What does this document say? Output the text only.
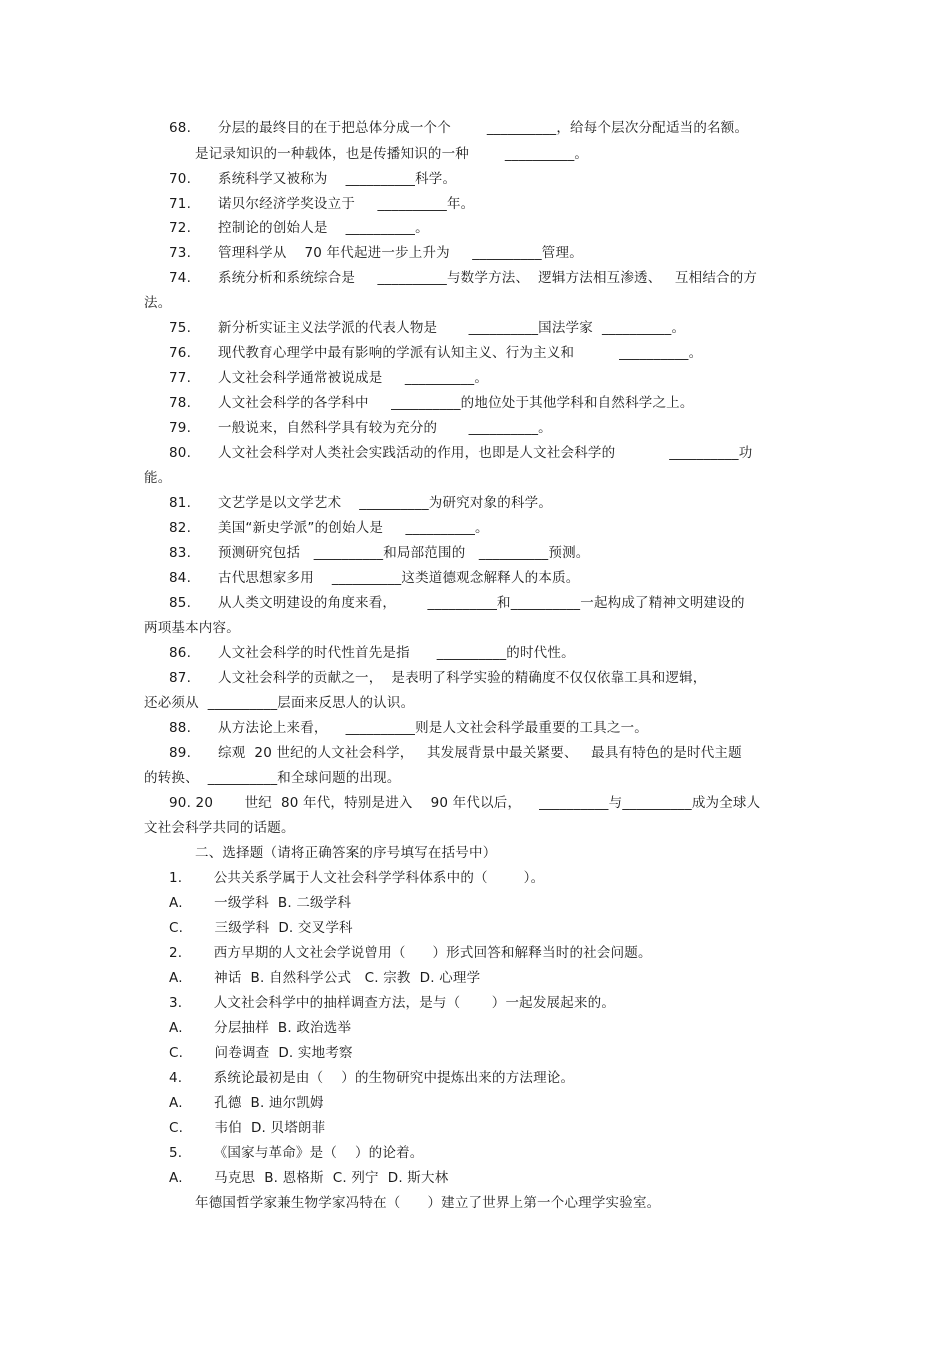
68.      分层的最终目的在于把总体分成一个个        __________，给每个层次分配适当的名额。
是记录知识的一种载体，也是传播知识的一种        __________。
70.      系统科学又被称为    __________科学。
71.      诺贝尔经济学奖设立于     __________年。
72.      控制论的创始人是    __________。
73.      管理科学从    70 年代起进一步上升为     __________管理。
74.      系统分析和系统综合是     __________与数学方法、  逻辑方法相互渗透、   互相结合的方
法。
75.      新分析实证主义法学派的代表人物是       __________国法学家  __________。
76.      现代教育心理学中最有影响的学派有认知主义、行为主义和          __________。
77.      人文社会科学通常被说成是     __________。
78.      人文社会科学的各学科中     __________的地位处于其他学科和自然科学之上。
79.      一般说来，自然科学具有较为充分的       __________。
80.      人文社会科学对人类社会实践活动的作用，也即是人文社会科学的            __________功
能。
81.      文艺学是以文学艺术    __________为研究对象的科学。
82.      美国“新史学派”的创始人是     __________。
83.      预测研究包括   __________和局部范围的   __________预测。
84.      古代思想家多用    __________这类道德观念解释人的本质。
85.      从人类文明建设的角度来看，       __________和__________一起构成了精神文明建设的
两项基本内容。
86.      人文社会科学的时代性首先是指      __________的时代性。
87.      人文社会科学的贡献之一，  是表明了科学实验的精确度不仅仅依靠工具和逻辑，
还必须从  __________层面来反思人的认识。
88.      从方法论上来看，    __________则是人文社会科学最重要的工具之一。
89.      综观  20 世纪的人文社会科学，   其发展背景中最关紧要、   最具有特色的是时代主题
的转换、  __________和全球问题的出现。
90. 20       世纪  80 年代，特别是进入    90 年代以后，    __________与__________成为全球人
文社会科学共同的话题。
二、选择题（请将正确答案的序号填写在括号中）
1.       公共关系学属于人文社会科学学科体系中的（        ）。
A.       一级学科  B. 二级学科
C.       三级学科  D. 交叉学科
2.       西方早期的人文社会学说曾用（      ）形式回答和解释当时的社会问题。
A.       神话  B. 自然科学公式   C. 宗教  D. 心理学
3.       人文社会科学中的抽样调查方法，是与（       ）一起发展起来的。
A.       分层抽样  B. 政治选举
C.       问卷调查  D. 实地考察
4.       系统论最初是由（    ）的生物研究中提炼出来的方法理论。
A.       孔德  B. 迪尔凯姆
C.       韦伯  D. 贝塔朗菲
5.       《国家与革命》是（    ）的论着。
A.       马克思  B. 恩格斯  C. 列宁  D. 斯大林
年德国哲学家兼生物学家冯特在（      ）建立了世界上第一个心理学实验室。
